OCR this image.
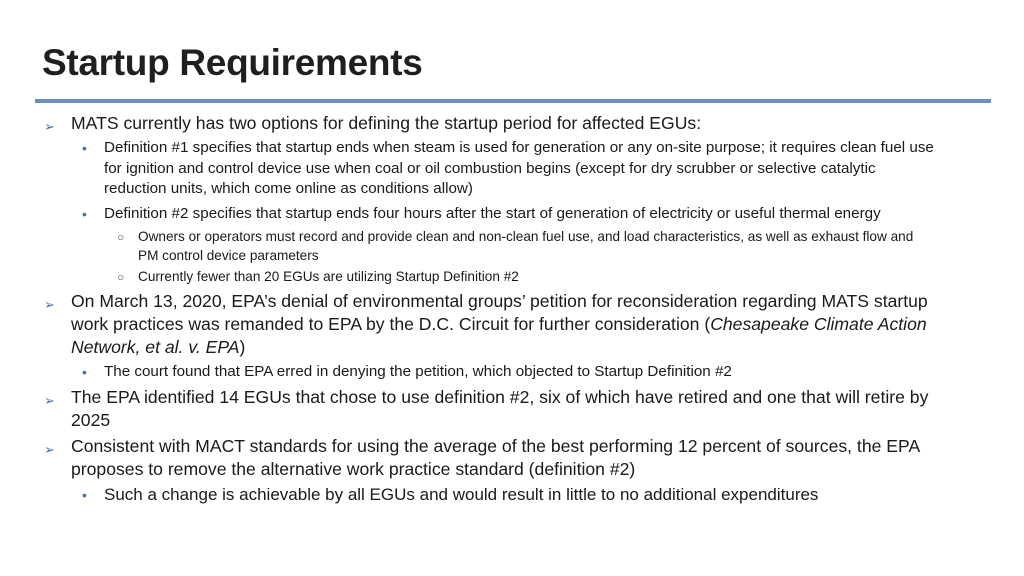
Startup Requirements

➢ MATS currently has two options for defining the startup period for affected EGUs:

• Definition #1 specifies that startup ends when steam is used for generation or any on-site purpose; it requires clean fuel use for ignition and control device use when coal or oil combustion begins (except for dry scrubber or selective catalytic reduction units, which come online as conditions allow)

• Definition #2 specifies that startup ends four hours after the start of generation of electricity or useful thermal energy

○ Owners or operators must record and provide clean and non-clean fuel use, and load characteristics, as well as exhaust flow and PM control device parameters

○ Currently fewer than 20 EGUs are utilizing Startup Definition #2

➢ On March 13, 2020, EPA’s denial of environmental groups’ petition for reconsideration regarding MATS startup work practices was remanded to EPA by the D.C. Circuit for further consideration (Chesapeake Climate Action Network, et al. v. EPA)

• The court found that EPA erred in denying the petition, which objected to Startup Definition #2

➢ The EPA identified 14 EGUs that chose to use definition #2, six of which have retired and one that will retire by 2025

➢ Consistent with MACT standards for using the average of the best performing 12 percent of sources, the EPA proposes to remove the alternative work practice standard (definition #2)

• Such a change is achievable by all EGUs and would result in little to no additional expenditures
